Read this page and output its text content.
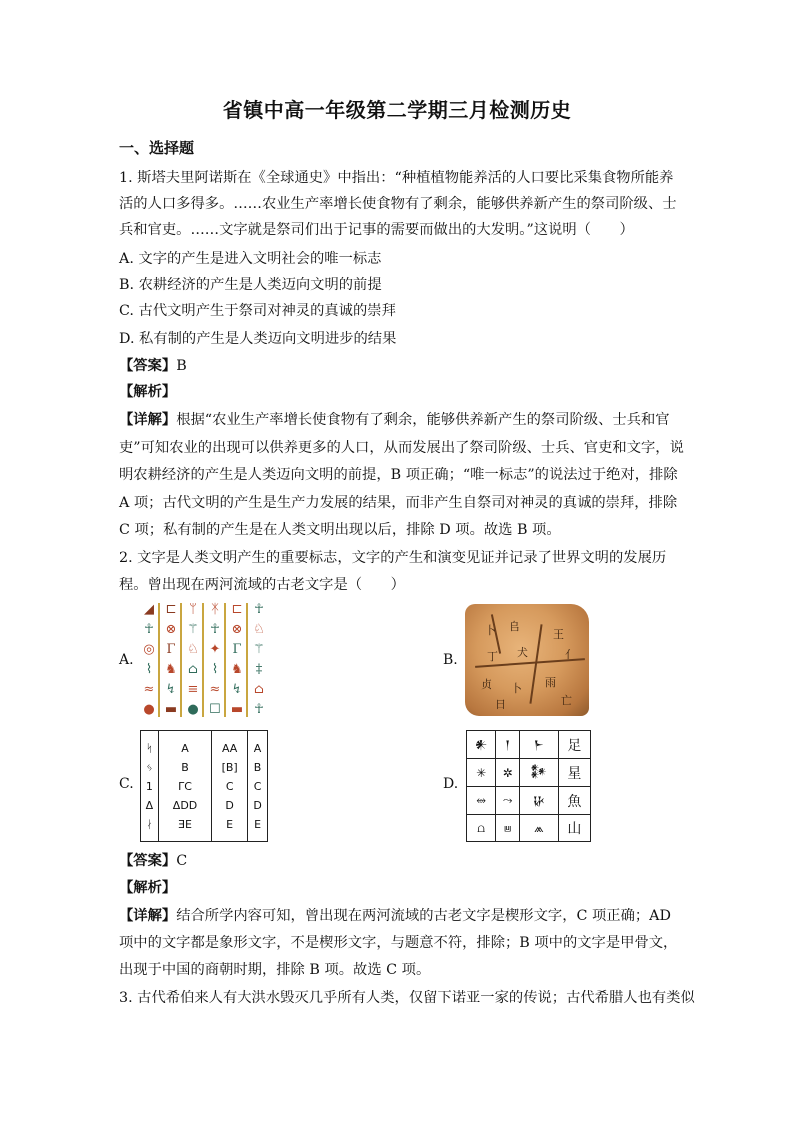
省镇中高一年级第二学期三月检测历史
一、选择题
1. 斯塔夫里阿诺斯在《全球通史》中指出：“种植植物能养活的人口要比采集食物所能养
活的人口多得多。……农业生产率增长使食物有了剩余，能够供养新产生的祭司阶级、士
兵和官吏。……文字就是祭司们出于记事的需要而做出的大发明。”这说明（　　）
A. 文字的产生是进入文明社会的唯一标志
B. 农耕经济的产生是人类迈向文明的前提
C. 古代文明产生于祭司对神灵的真诚的崇拜
D. 私有制的产生是人类迈向文明进步的结果
【答案】B
【解析】
【详解】根据“农业生产率增长使食物有了剩余，能够供养新产生的祭司阶级、士兵和官
吏”可知农业的出现可以供养更多的人口，从而发展出了祭司阶级、士兵、官吏和文字，说
明农耕经济的产生是人类迈向文明的前提，B 项正确；“唯一标志”的说法过于绝对，排除
A 项；古代文明的产生是生产力发展的结果，而非产生自祭司对神灵的真诚的崇拜，排除
C 项；私有制的产生是在人类文明出现以后，排除 D 项。故选 B 项。
2. 文字是人类文明产生的重要标志，文字的产生和演变见证并记录了世界文明的发展历
程。曾出现在两河流域的古老文字是（　　）
A.	B.
C.	D.
◢
☥
◎
⌇
≈
●
⊏
⊗
Γ
♞
↯
▬
ᛘ
⚚
♘
⌂
≡
●
ᛡ
☥
✦
⌇
≈
☐
⊏
⊗
Γ
♞
↯
▬
☥
♘
⚚
‡
⌂
☥
卜 𠂤
王
亻
丁 犬
贞 卜 雨
亡
日
ᛋ
ᛃ
1
Δ
ᛅ

A
B
ΓC
ΔDD
ƎE

AA
[B]
C
D
E

A
B
C
D
E
𒀭	𒁹	𒈨	足
✳	✲	𒀯	星
⥈	⤳	𒄩	魚
⩍	⩏	⩕	山
【答案】C
【解析】
【详解】结合所学内容可知，曾出现在两河流域的古老文字是楔形文字，C 项正确；AD
项中的文字都是象形文字，不是楔形文字，与题意不符，排除；B 项中的文字是甲骨文，
出现于中国的商朝时期，排除 B 项。故选 C 项。
3. 古代希伯来人有大洪水毁灭几乎所有人类，仅留下诺亚一家的传说；古代希腊人也有类似
